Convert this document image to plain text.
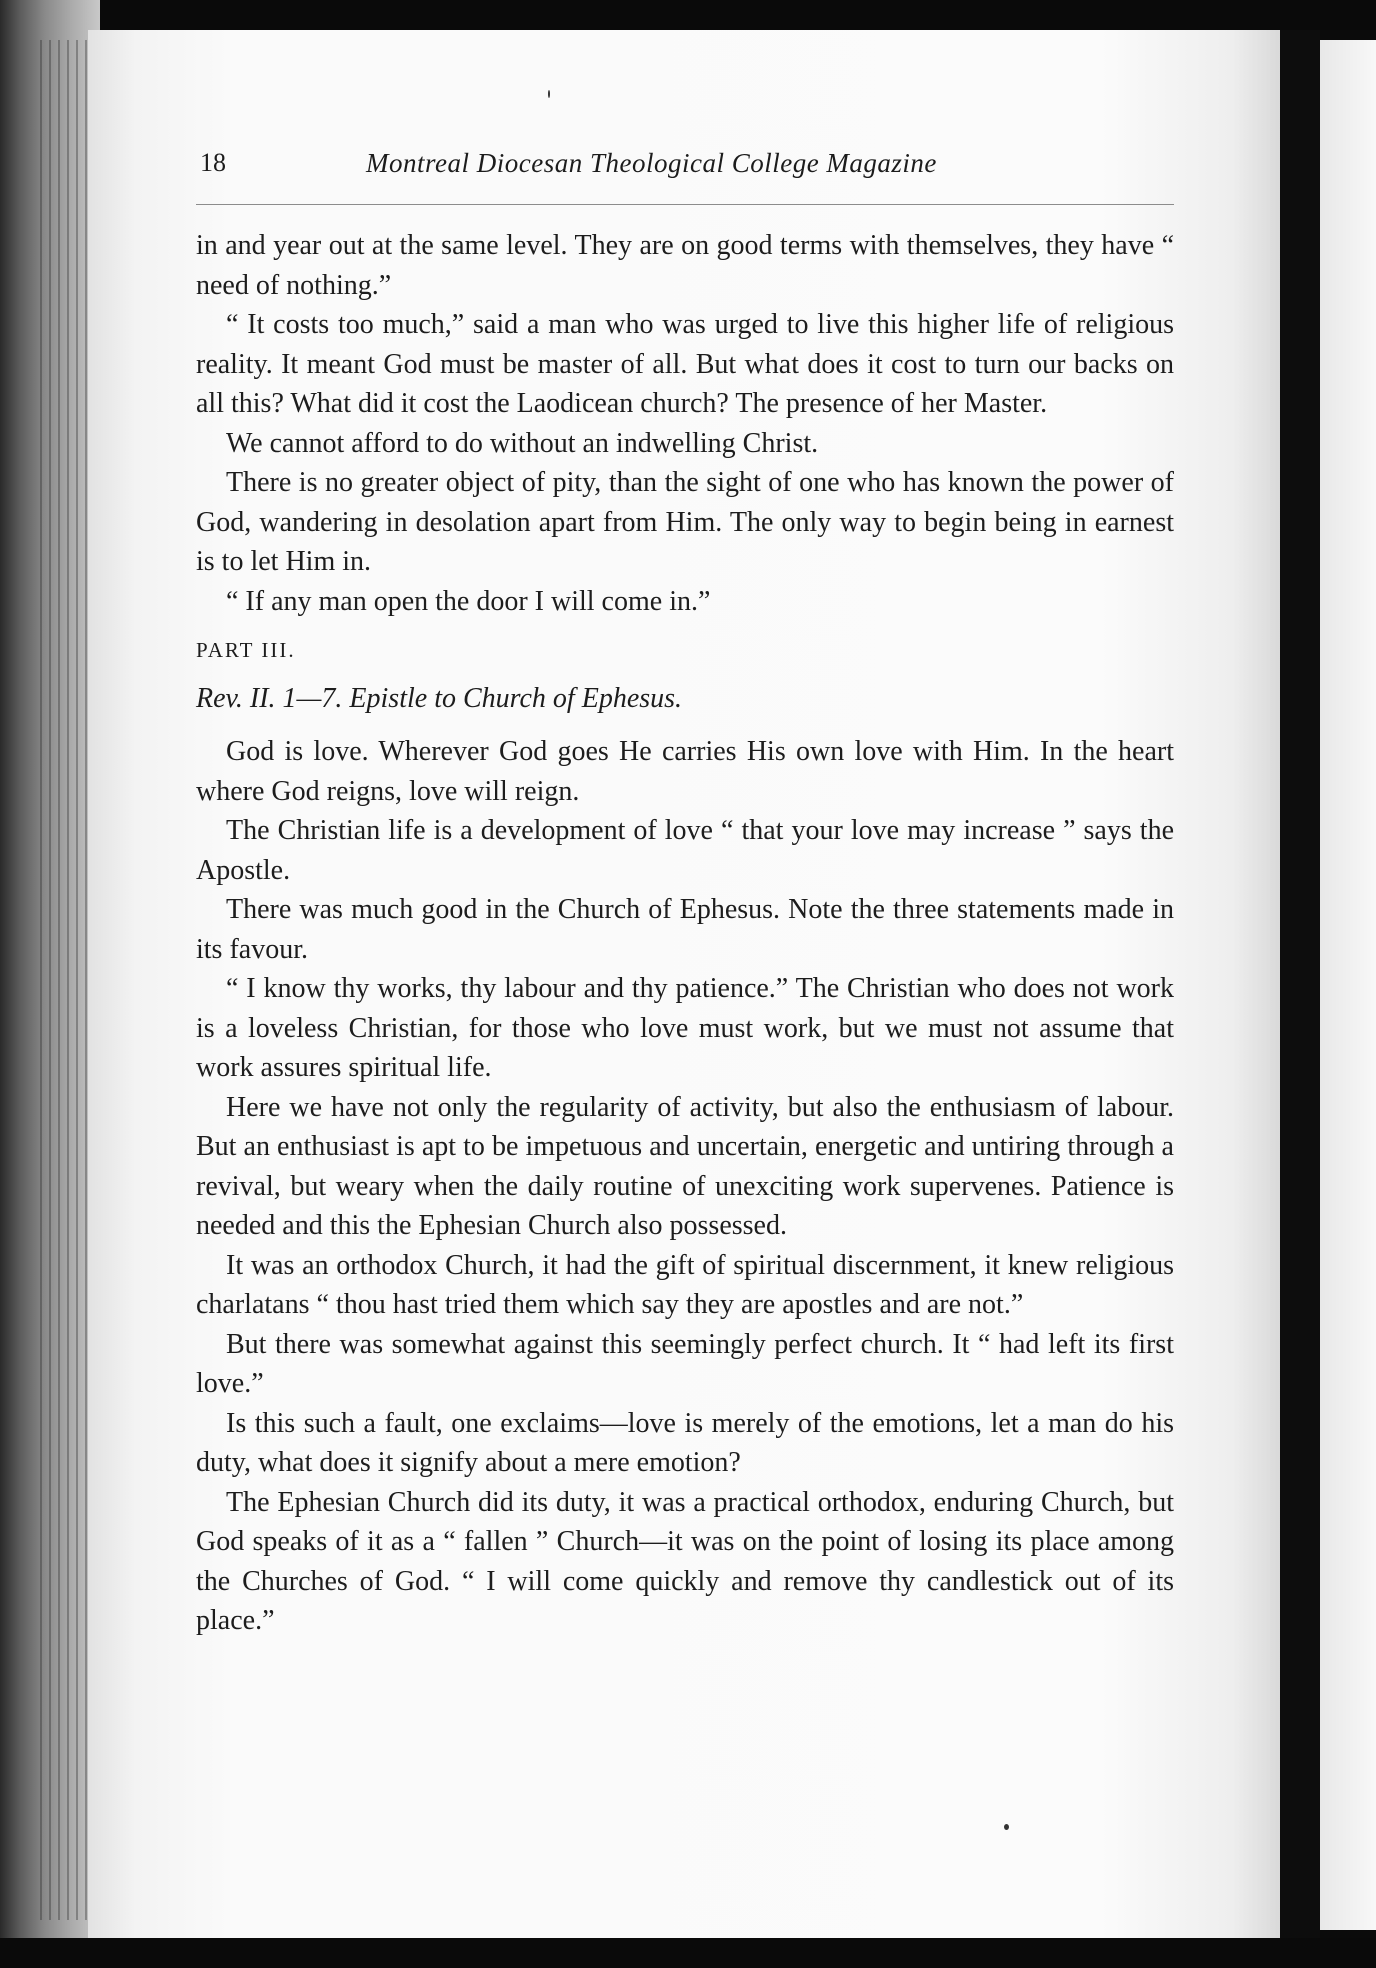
18	Montreal Diocesan Theological College Magazine

in and year out at the same level. They are on good terms with themselves, they have “ need of nothing.”

“ It costs too much,” said a man who was urged to live this higher life of religious reality. It meant God must be master of all. But what does it cost to turn our backs on all this? What did it cost the Laodicean church? The presence of her Master.

We cannot afford to do without an indwelling Christ.

There is no greater object of pity, than the sight of one who has known the power of God, wandering in desolation apart from Him. The only way to begin being in earnest is to let Him in.

“ If any man open the door I will come in.”

PART III.

Rev. II. 1—7. Epistle to Church of Ephesus.

God is love. Wherever God goes He carries His own love with Him. In the heart where God reigns, love will reign.

The Christian life is a development of love “ that your love may increase ” says the Apostle.

There was much good in the Church of Ephesus. Note the three statements made in its favour.

“ I know thy works, thy labour and thy patience.” The Christian who does not work is a loveless Christian, for those who love must work, but we must not assume that work assures spiritual life.

Here we have not only the regularity of activity, but also the enthusiasm of labour. But an enthusiast is apt to be impetuous and uncertain, energetic and untiring through a revival, but weary when the daily routine of unexciting work supervenes. Patience is needed and this the Ephesian Church also possessed.

It was an orthodox Church, it had the gift of spiritual discernment, it knew religious charlatans “ thou hast tried them which say they are apostles and are not.”

But there was somewhat against this seemingly perfect church. It “ had left its first love.”

Is this such a fault, one exclaims—love is merely of the emotions, let a man do his duty, what does it signify about a mere emotion?

The Ephesian Church did its duty, it was a practical orthodox, enduring Church, but God speaks of it as a “ fallen ” Church—it was on the point of losing its place among the Churches of God. “ I will come quickly and remove thy candlestick out of its place.”
